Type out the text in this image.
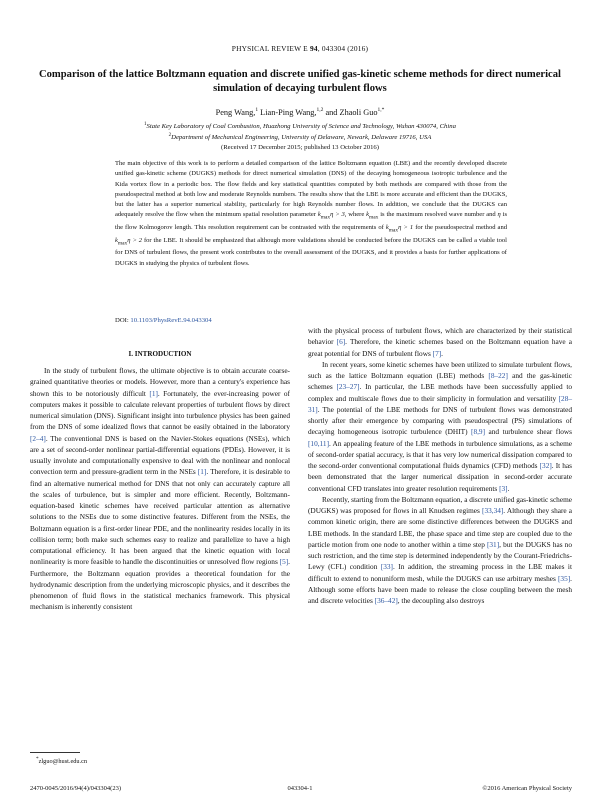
PHYSICAL REVIEW E 94, 043304 (2016)
Comparison of the lattice Boltzmann equation and discrete unified gas-kinetic scheme methods for direct numerical simulation of decaying turbulent flows
Peng Wang,$^1$ Lian-Ping Wang,$^{1,2}$ and Zhaoli Guo$^{1,*}$
$^1$State Key Laboratory of Coal Combustion, Huazhong University of Science and Technology, Wuhan 430074, China
$^2$Department of Mechanical Engineering, University of Delaware, Newark, Delaware 19716, USA
(Received 17 December 2015; published 13 October 2016)

The main objective of this work is to perform a detailed comparison of the lattice Boltzmann equation (LBE) and the recently developed discrete unified gas-kinetic scheme (DUGKS) methods for direct numerical simulation (DNS) of the decaying homogeneous isotropic turbulence and the Kida vortex flow in a periodic box. The flow fields and key statistical quantities computed by both methods are compared with those from the pseudospectral method at both low and moderate Reynolds numbers. The results show that the LBE is more accurate and efficient than the DUGKS, but the latter has a superior numerical stability, particularly for high Reynolds number flows. In addition, we conclude that the DUGKS can adequately resolve the flow when the minimum spatial resolution parameter $k_{max}\eta > 3$, where $k_{max}$ is the maximum resolved wave number and η is the flow Kolmogorov length. This resolution requirement can be contrasted with the requirements of $k_{max}\eta > 1$ for the pseudospectral method and $k_{max}\eta > 2$ for the LBE. It should be emphasized that although more validations should be conducted before the DUGKS can be called a viable tool for DNS of turbulent flows, the present work contributes to the overall assessment of the DUGKS, and it provides a basis for further applications of DUGKS in studying the physics of turbulent flows.

DOI: 10.1103/PhysRevE.94.043304
I. INTRODUCTION

In the study of turbulent flows, the ultimate objective is to obtain accurate coarse-grained quantitative theories or models. However, more than a century's experience has shown this to be notoriously difficult [1]. Fortunately, the ever-increasing power of computers makes it possible to calculate relevant properties of turbulent flows by direct numerical simulation (DNS). Significant insight into turbulence physics has been gained from the DNS of some idealized flows that cannot be easily obtained in the laboratory [2–4]. The conventional DNS is based on the Navier-Stokes equations (NSEs), which are a set of second-order nonlinear partial-differential equations (PDEs). However, it is usually involute and computationally expensive to deal with the nonlinear and nonlocal convection term and pressure-gradient term in the NSEs [1]. Therefore, it is desirable to find an alternative numerical method for DNS that not only can accurately capture all the scales of turbulence, but is simpler and more efficient. Recently, Boltzmann-equation-based kinetic schemes have received particular attention as alternative solutions to the NSEs due to some distinctive features. Different from the NSEs, the Boltzmann equation is a first-order linear PDE, and the nonlinearity resides locally in its collision term; both make such schemes easy to realize and parallelize to have a high computational efficiency. It has been argued that the kinetic equation with local nonlinearity is more feasible to handle the discontinuities or unresolved flow regions [5]. Furthermore, the Boltzmann equation provides a theoretical foundation for the hydrodynamic description from the underlying microscopic physics, and it describes the phenomenon of fluid flows in the statistical mechanics framework. This physical mechanism is inherently consistent

with the physical process of turbulent flows, which are characterized by their statistical behavior [6]. Therefore, the kinetic schemes based on the Boltzmann equation have a great potential for DNS of turbulent flows [7].

In recent years, some kinetic schemes have been utilized to simulate turbulent flows, such as the lattice Boltzmann equation (LBE) methods [8–22] and the gas-kinetic schemes [23–27]. In particular, the LBE methods have been successfully applied to complex and multiscale flows due to their simplicity in formulation and versatility [28–31]. The potential of the LBE methods for DNS of turbulent flows was demonstrated shortly after their emergence by comparing with pseudospectral (PS) simulations of decaying homogeneous isotropic turbulence (DHIT) [8,9] and turbulence shear flows [10,11]. An appealing feature of the LBE methods in turbulence simulations, as a scheme of second-order spatial accuracy, is that it has very low numerical dissipation compared to the second-order conventional computational fluids dynamics (CFD) methods [32]. It has been demonstrated that the larger numerical dissipation in second-order accurate conventional CFD translates into greater resolution requirements [3].

Recently, starting from the Boltzmann equation, a discrete unified gas-kinetic scheme (DUGKS) was proposed for flows in all Knudsen regimes [33,34]. Although they share a common kinetic origin, there are some distinctive differences between the DUGKS and LBE methods. In the standard LBE, the phase space and time step are coupled due to the particle motion from one node to another within a time step [31], but the DUGKS has no such restriction, and the time step is determined independently by the Courant-Friedrichs-Lewy (CFL) condition [33]. In addition, the streaming process in the LBE makes it difficult to extend to nonuniform mesh, while the DUGKS can use arbitrary meshes [35]. Although some efforts have been made to release the close coupling between the mesh and discrete velocities [36–42], the decoupling also destroys

*zlguo@hust.edu.cn
2470-0045/2016/94(4)/043304(23)	043304-1	©2016 American Physical Society
